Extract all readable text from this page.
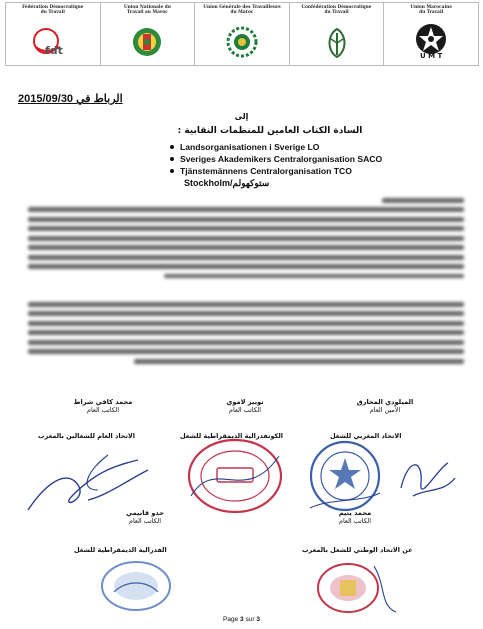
Fédération Démocratique
du Travail
fdt
Union Nationale du
Travail au Maroc
Union Générale des Travailleurs
du Maroc
Confédération Démocratique
du Travail
Union Marocaine
du Travail
U M T
الرباط في 2015/09/30
إلى
السادة الكتاب العامين للمنظمات النقابية :
Landsorganisationen i Sverige LO
Sveriges Akademikers Centralorganisation SACO
Tjänstemännens Centralorganisation TCO
Stockholm/ستوكهولم
محمد كافي شراط
الكاتب العام
نوبير لاموي
الكاتب العام
الميلودي المخارق
الأمين العام
الاتحاد العام للشغالين بالمغرب	الكونفدرالية الديمقراطية للشغل	الاتحاد المغربي للشغل
حدو قانيمي
الكاتب العام
محمد يتيم
الكاتب العام
الفدرالية الديمقراطية للشغل	عن الاتحاد الوطني للشغل بالمغرب
Page 3 sur 3
